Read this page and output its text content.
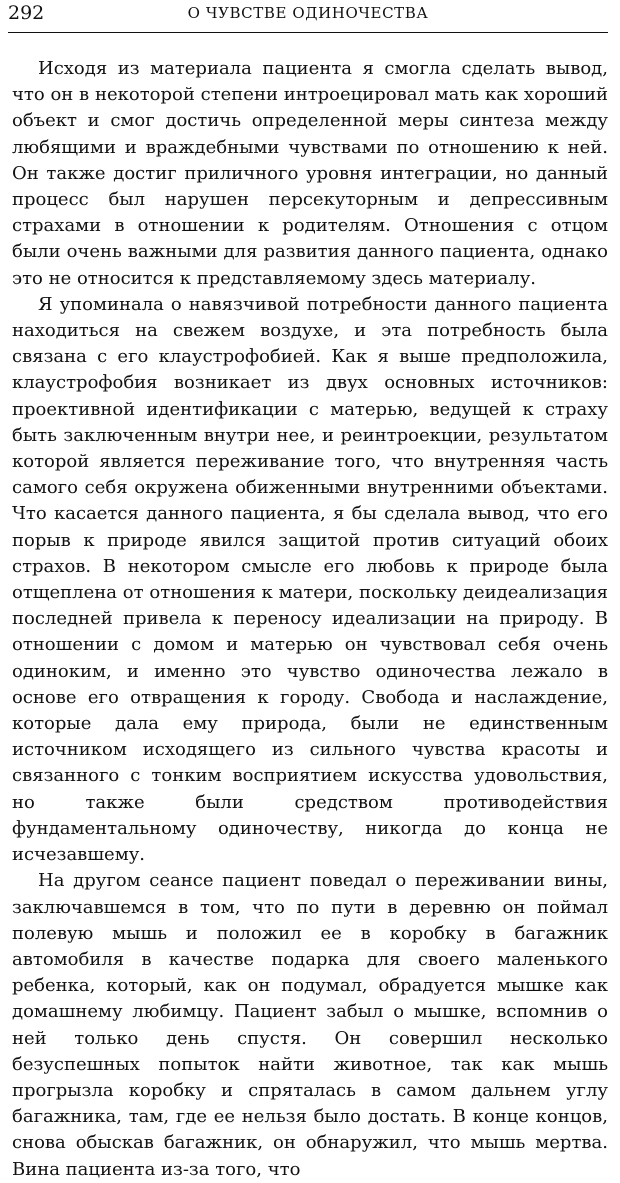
292	О ЧУВСТВЕ ОДИНОЧЕСТВА

Исходя из материала пациента я смогла сделать вывод, что он в некоторой степени интроецировал мать как хороший объект и смог достичь определенной меры синтеза между любящими и враждебными чувствами по отношению к ней. Он также достиг приличного уровня интеграции, но данный процесс был нарушен персекуторным и депрессивным страхами в отношении к родителям. Отношения с отцом были очень важными для развития данного пациента, однако это не относится к представляемому здесь материалу.

Я упоминала о навязчивой потребности данного пациента находиться на свежем воздухе, и эта потребность была связана с его клаустрофобией. Как я выше предположила, клаустрофобия возникает из двух основных источников: проективной идентификации с матерью, ведущей к страху быть заключенным внутри нее, и реинтроекции, результатом которой является переживание того, что внутренняя часть самого себя окружена обиженными внутренними объектами. Что касается данного пациента, я бы сделала вывод, что его порыв к природе явился защитой против ситуаций обоих страхов. В некотором смысле его любовь к природе была отщеплена от отношения к матери, поскольку деидеализация последней привела к переносу идеализации на природу. В отношении с домом и матерью он чувствовал себя очень одиноким, и именно это чувство одиночества лежало в основе его отвращения к городу. Свобода и наслаждение, которые дала ему природа, были не единственным источником исходящего из сильного чувства красоты и связанного с тонким восприятием искусства удовольствия, но также были средством противодействия фундаментальному одиночеству, никогда до конца не исчезавшему.

На другом сеансе пациент поведал о переживании вины, заключавшемся в том, что по пути в деревню он поймал полевую мышь и положил ее в коробку в багажник автомобиля в качестве подарка для своего маленького ребенка, который, как он подумал, обрадуется мышке как домашнему любимцу. Пациент забыл о мышке, вспомнив о ней только день спустя. Он совершил несколько безуспешных попыток найти животное, так как мышь прогрызла коробку и спряталась в самом дальнем углу багажника, там, где ее нельзя было достать. В конце концов, снова обыскав багажник, он обнаружил, что мышь мертва. Вина пациента из-за того, что
